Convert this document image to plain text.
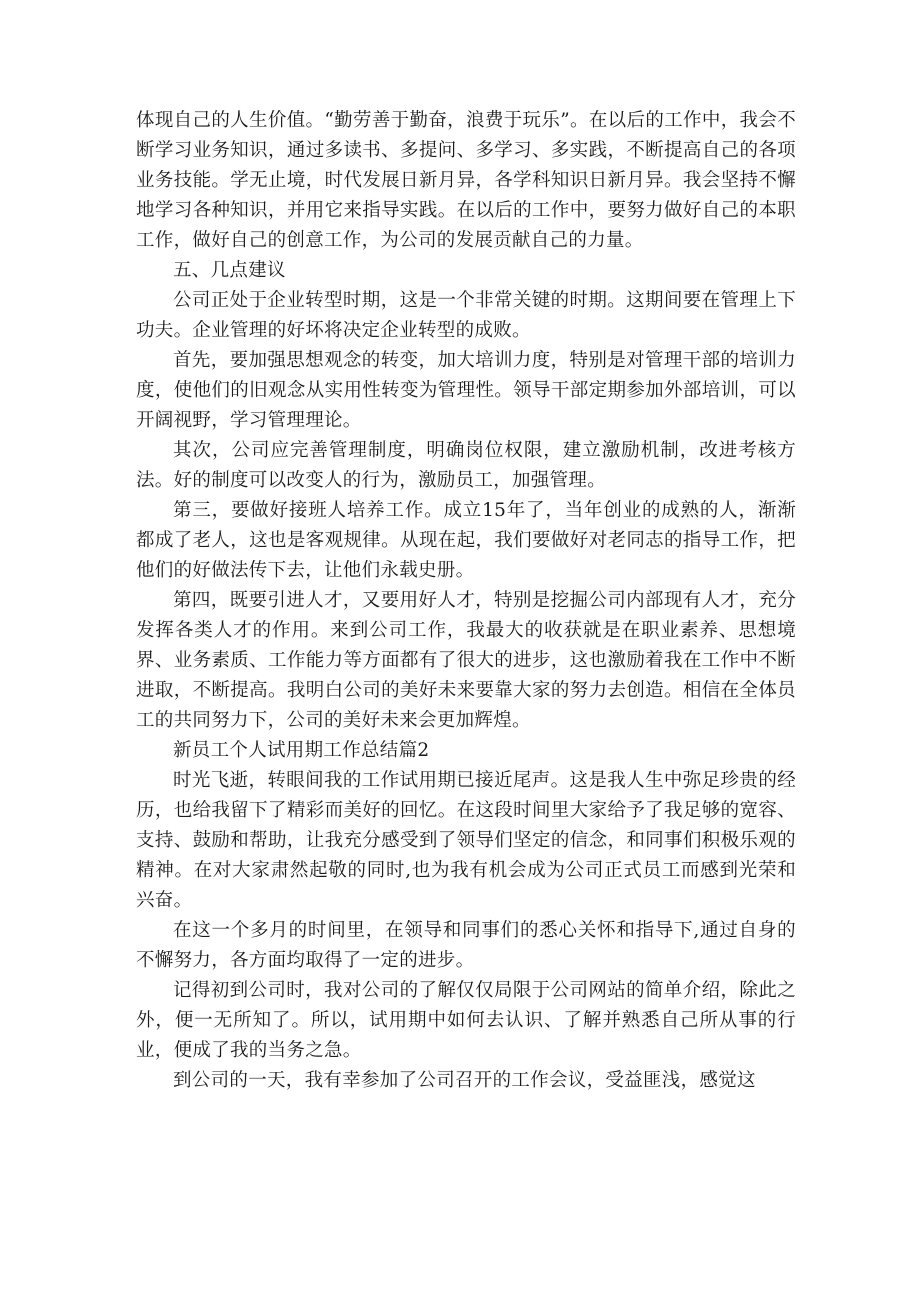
体现自己的人生价值。“勤劳善于勤奋，浪费于玩乐”。在以后的工作中，我会不断学习业务知识，通过多读书、多提问、多学习、多实践，不断提高自己的各项业务技能。学无止境，时代发展日新月异，各学科知识日新月异。我会坚持不懈地学习各种知识，并用它来指导实践。在以后的工作中，要努力做好自己的本职工作，做好自己的创意工作，为公司的发展贡献自己的力量。

五、几点建议

公司正处于企业转型时期，这是一个非常关键的时期。这期间要在管理上下功夫。企业管理的好坏将决定企业转型的成败。

首先，要加强思想观念的转变，加大培训力度，特别是对管理干部的培训力度，使他们的旧观念从实用性转变为管理性。领导干部定期参加外部培训，可以开阔视野，学习管理理论。

其次，公司应完善管理制度，明确岗位权限，建立激励机制，改进考核方法。好的制度可以改变人的行为，激励员工，加强管理。

第三，要做好接班人培养工作。成立15年了，当年创业的成熟的人，渐渐都成了老人，这也是客观规律。从现在起，我们要做好对老同志的指导工作，把他们的好做法传下去，让他们永载史册。

第四，既要引进人才，又要用好人才，特别是挖掘公司内部现有人才，充分发挥各类人才的作用。来到公司工作，我最大的收获就是在职业素养、思想境界、业务素质、工作能力等方面都有了很大的进步，这也激励着我在工作中不断进取，不断提高。我明白公司的美好未来要靠大家的努力去创造。相信在全体员工的共同努力下，公司的美好未来会更加辉煌。

新员工个人试用期工作总结篇2

时光飞逝，转眼间我的工作试用期已接近尾声。这是我人生中弥足珍贵的经历，也给我留下了精彩而美好的回忆。在这段时间里大家给予了我足够的宽容、支持、鼓励和帮助，让我充分感受到了领导们坚定的信念，和同事们积极乐观的精神。在对大家肃然起敬的同时,也为我有机会成为公司正式员工而感到光荣和兴奋。

在这一个多月的时间里，在领导和同事们的悉心关怀和指导下,通过自身的不懈努力，各方面均取得了一定的进步。

记得初到公司时，我对公司的了解仅仅局限于公司网站的简单介绍，除此之外，便一无所知了。所以，试用期中如何去认识、了解并熟悉自己所从事的行业，便成了我的当务之急。

到公司的一天，我有幸参加了公司召开的工作会议，受益匪浅，感觉这
